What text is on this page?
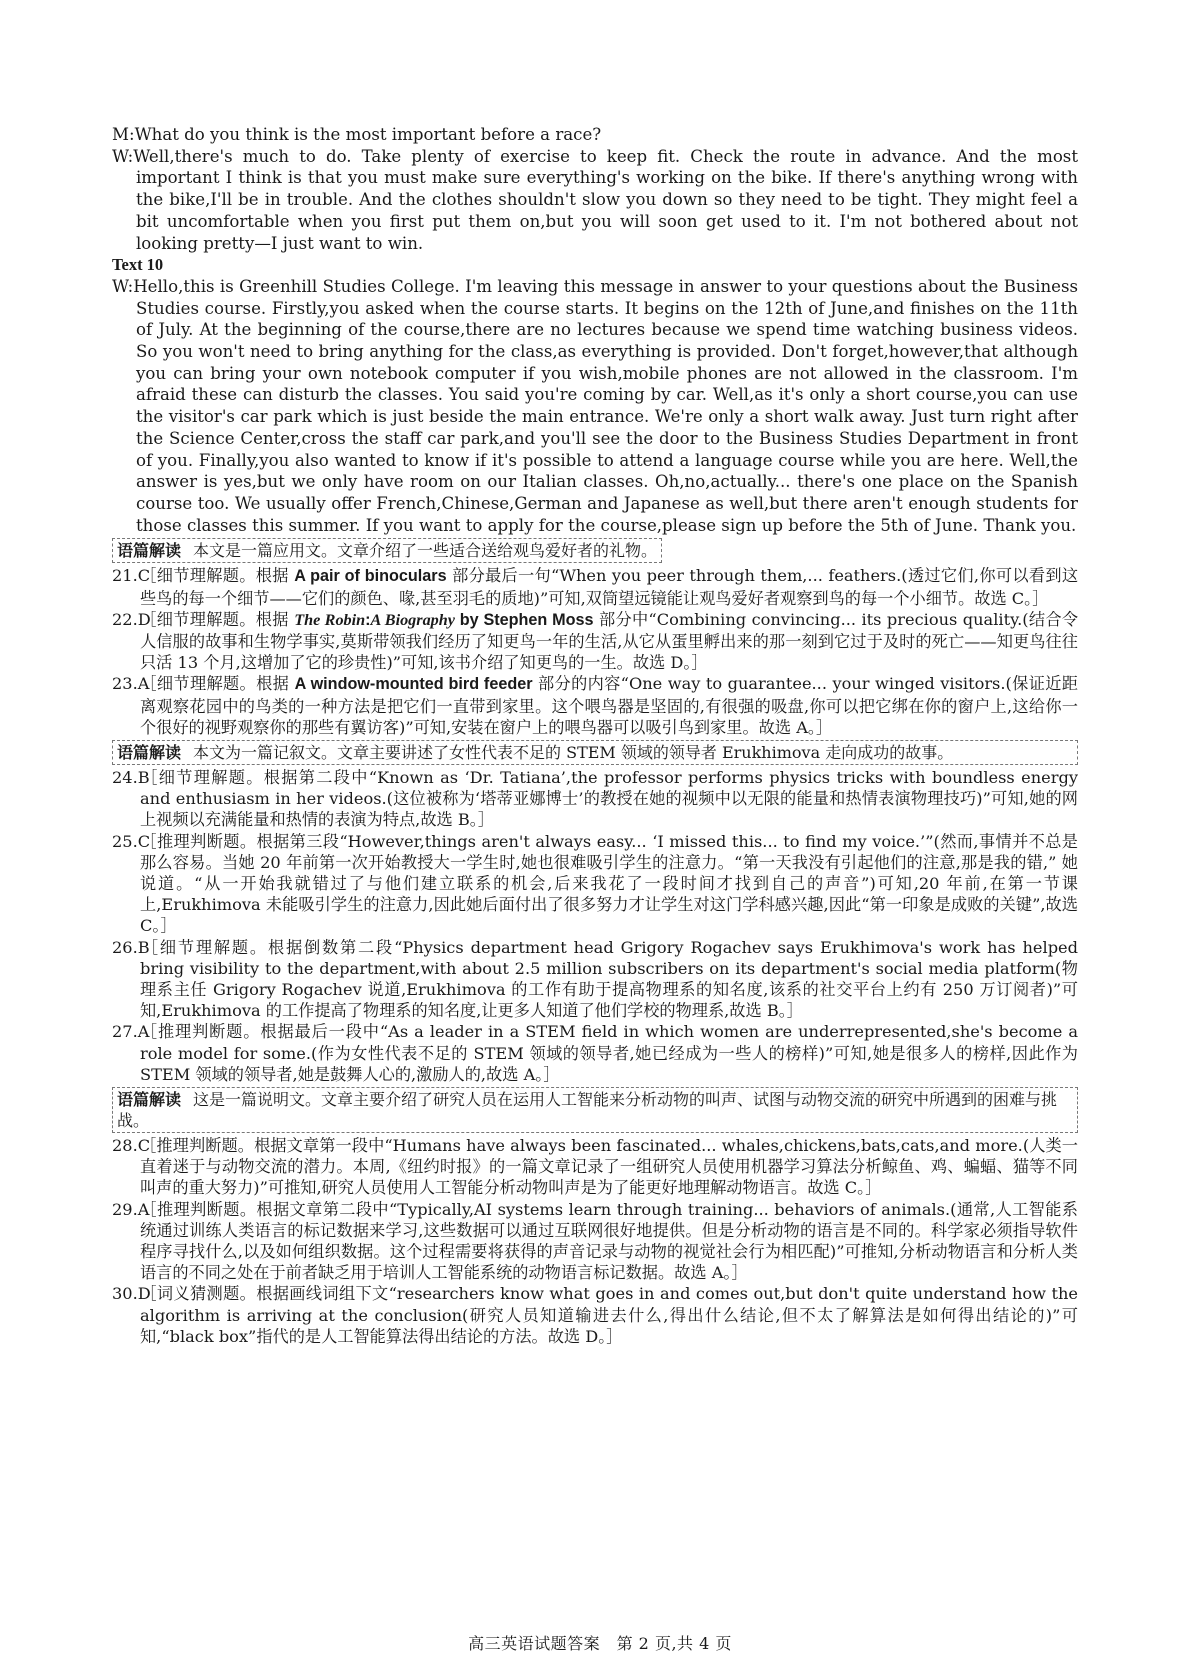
M:What do you think is the most important before a race?
W:Well,there's much to do. Take plenty of exercise to keep fit. Check the route in advance. And the most important I think is that you must make sure everything's working on the bike. If there's anything wrong with the bike,I'll be in trouble. And the clothes shouldn't slow you down so they need to be tight. They might feel a bit uncomfortable when you first put them on,but you will soon get used to it. I'm not bothered about not looking pretty—I just want to win.
Text 10
W:Hello,this is Greenhill Studies College. I'm leaving this message in answer to your questions about the Business Studies course. Firstly,you asked when the course starts. It begins on the 12th of June,and finishes on the 11th of July. At the beginning of the course,there are no lectures because we spend time watching business videos. So you won't need to bring anything for the class,as everything is provided. Don't forget,however,that although you can bring your own notebook computer if you wish,mobile phones are not allowed in the classroom. I'm afraid these can disturb the classes. You said you're coming by car. Well,as it's only a short course,you can use the visitor's car park which is just beside the main entrance. We're only a short walk away. Just turn right after the Science Center,cross the staff car park,and you'll see the door to the Business Studies Department in front of you. Finally,you also wanted to know if it's possible to attend a language course while you are here. Well,the answer is yes,but we only have room on our Italian classes. Oh,no,actually... there's one place on the Spanish course too. We usually offer French,Chinese,German and Japanese as well,but there aren't enough students for those classes this summer. If you want to apply for the course,please sign up before the 5th of June. Thank you.
语篇解读 本文是一篇应用文。文章介绍了一些适合送给观鸟爱好者的礼物。

21.C［细节理解题。根据 A pair of binoculars 部分最后一句“When you peer through them,... feathers.(透过它们,你可以看到这些鸟的每一个细节——它们的颜色、喙,甚至羽毛的质地)”可知,双筒望远镜能让观鸟爱好者观察到鸟的每一个小细节。故选 C。］

22.D［细节理解题。根据 The Robin:A Biography by Stephen Moss 部分中“Combining convincing... its precious quality.(结合令人信服的故事和生物学事实,莫斯带领我们经历了知更鸟一年的生活,从它从蛋里孵出来的那一刻到它过于及时的死亡——知更鸟往往只活 13 个月,这增加了它的珍贵性)”可知,该书介绍了知更鸟的一生。故选 D。］

23.A［细节理解题。根据 A window-mounted bird feeder 部分的内容“One way to guarantee... your winged visitors.(保证近距离观察花园中的鸟类的一种方法是把它们一直带到家里。这个喂鸟器是坚固的,有很强的吸盘,你可以把它绑在你的窗户上,这给你一个很好的视野观察你的那些有翼访客)”可知,安装在窗户上的喂鸟器可以吸引鸟到家里。故选 A。］

语篇解读 本文为一篇记叙文。文章主要讲述了女性代表不足的 STEM 领域的领导者 Erukhimova 走向成功的故事。

24.B［细节理解题。根据第二段中“Known as ‘Dr. Tatiana’,the professor performs physics tricks with boundless energy and enthusiasm in her videos.(这位被称为‘塔蒂亚娜博士’的教授在她的视频中以无限的能量和热情表演物理技巧)”可知,她的网上视频以充满能量和热情的表演为特点,故选 B。］

25.C［推理判断题。根据第三段“However,things aren't always easy... ‘I missed this... to find my voice.’”(然而,事情并不总是那么容易。当她 20 年前第一次开始教授大一学生时,她也很难吸引学生的注意力。“第一天我没有引起他们的注意,那是我的错,” 她说道。“从一开始我就错过了与他们建立联系的机会,后来我花了一段时间才找到自己的声音”)可知,20 年前,在第一节课上,Erukhimova 未能吸引学生的注意力,因此她后面付出了很多努力才让学生对这门学科感兴趣,因此“第一印象是成败的关键”,故选 C。］

26.B［细节理解题。根据倒数第二段“Physics department head Grigory Rogachev says Erukhimova's work has helped bring visibility to the department,with about 2.5 million subscribers on its department's social media platform(物理系主任 Grigory Rogachev 说道,Erukhimova 的工作有助于提高物理系的知名度,该系的社交平台上约有 250 万订阅者)”可知,Erukhimova 的工作提高了物理系的知名度,让更多人知道了他们学校的物理系,故选 B。］

27.A［推理判断题。根据最后一段中“As a leader in a STEM field in which women are underrepresented,she's become a role model for some.(作为女性代表不足的 STEM 领域的领导者,她已经成为一些人的榜样)”可知,她是很多人的榜样,因此作为 STEM 领域的领导者,她是鼓舞人心的,激励人的,故选 A。］

语篇解读 这是一篇说明文。文章主要介绍了研究人员在运用人工智能来分析动物的叫声、试图与动物交流的研究中所遇到的困难与挑战。

28.C［推理判断题。根据文章第一段中“Humans have always been fascinated... whales,chickens,bats,cats,and more.(人类一直着迷于与动物交流的潜力。本周,《纽约时报》的一篇文章记录了一组研究人员使用机器学习算法分析鲸鱼、鸡、蝙蝠、猫等不同叫声的重大努力)”可推知,研究人员使用人工智能分析动物叫声是为了能更好地理解动物语言。故选 C。］

29.A［推理判断题。根据文章第二段中“Typically,AI systems learn through training... behaviors of animals.(通常,人工智能系统通过训练人类语言的标记数据来学习,这些数据可以通过互联网很好地提供。但是分析动物的语言是不同的。科学家必须指导软件程序寻找什么,以及如何组织数据。这个过程需要将获得的声音记录与动物的视觉社会行为相匹配)”可推知,分析动物语言和分析人类语言的不同之处在于前者缺乏用于培训人工智能系统的动物语言标记数据。故选 A。］

30.D［词义猜测题。根据画线词组下文“researchers know what goes in and comes out,but don't quite understand how the algorithm is arriving at the conclusion(研究人员知道输进去什么,得出什么结论,但不太了解算法是如何得出结论的)”可知,“black box”指代的是人工智能算法得出结论的方法。故选 D。］

高三英语试题答案　第 2 页,共 4 页
